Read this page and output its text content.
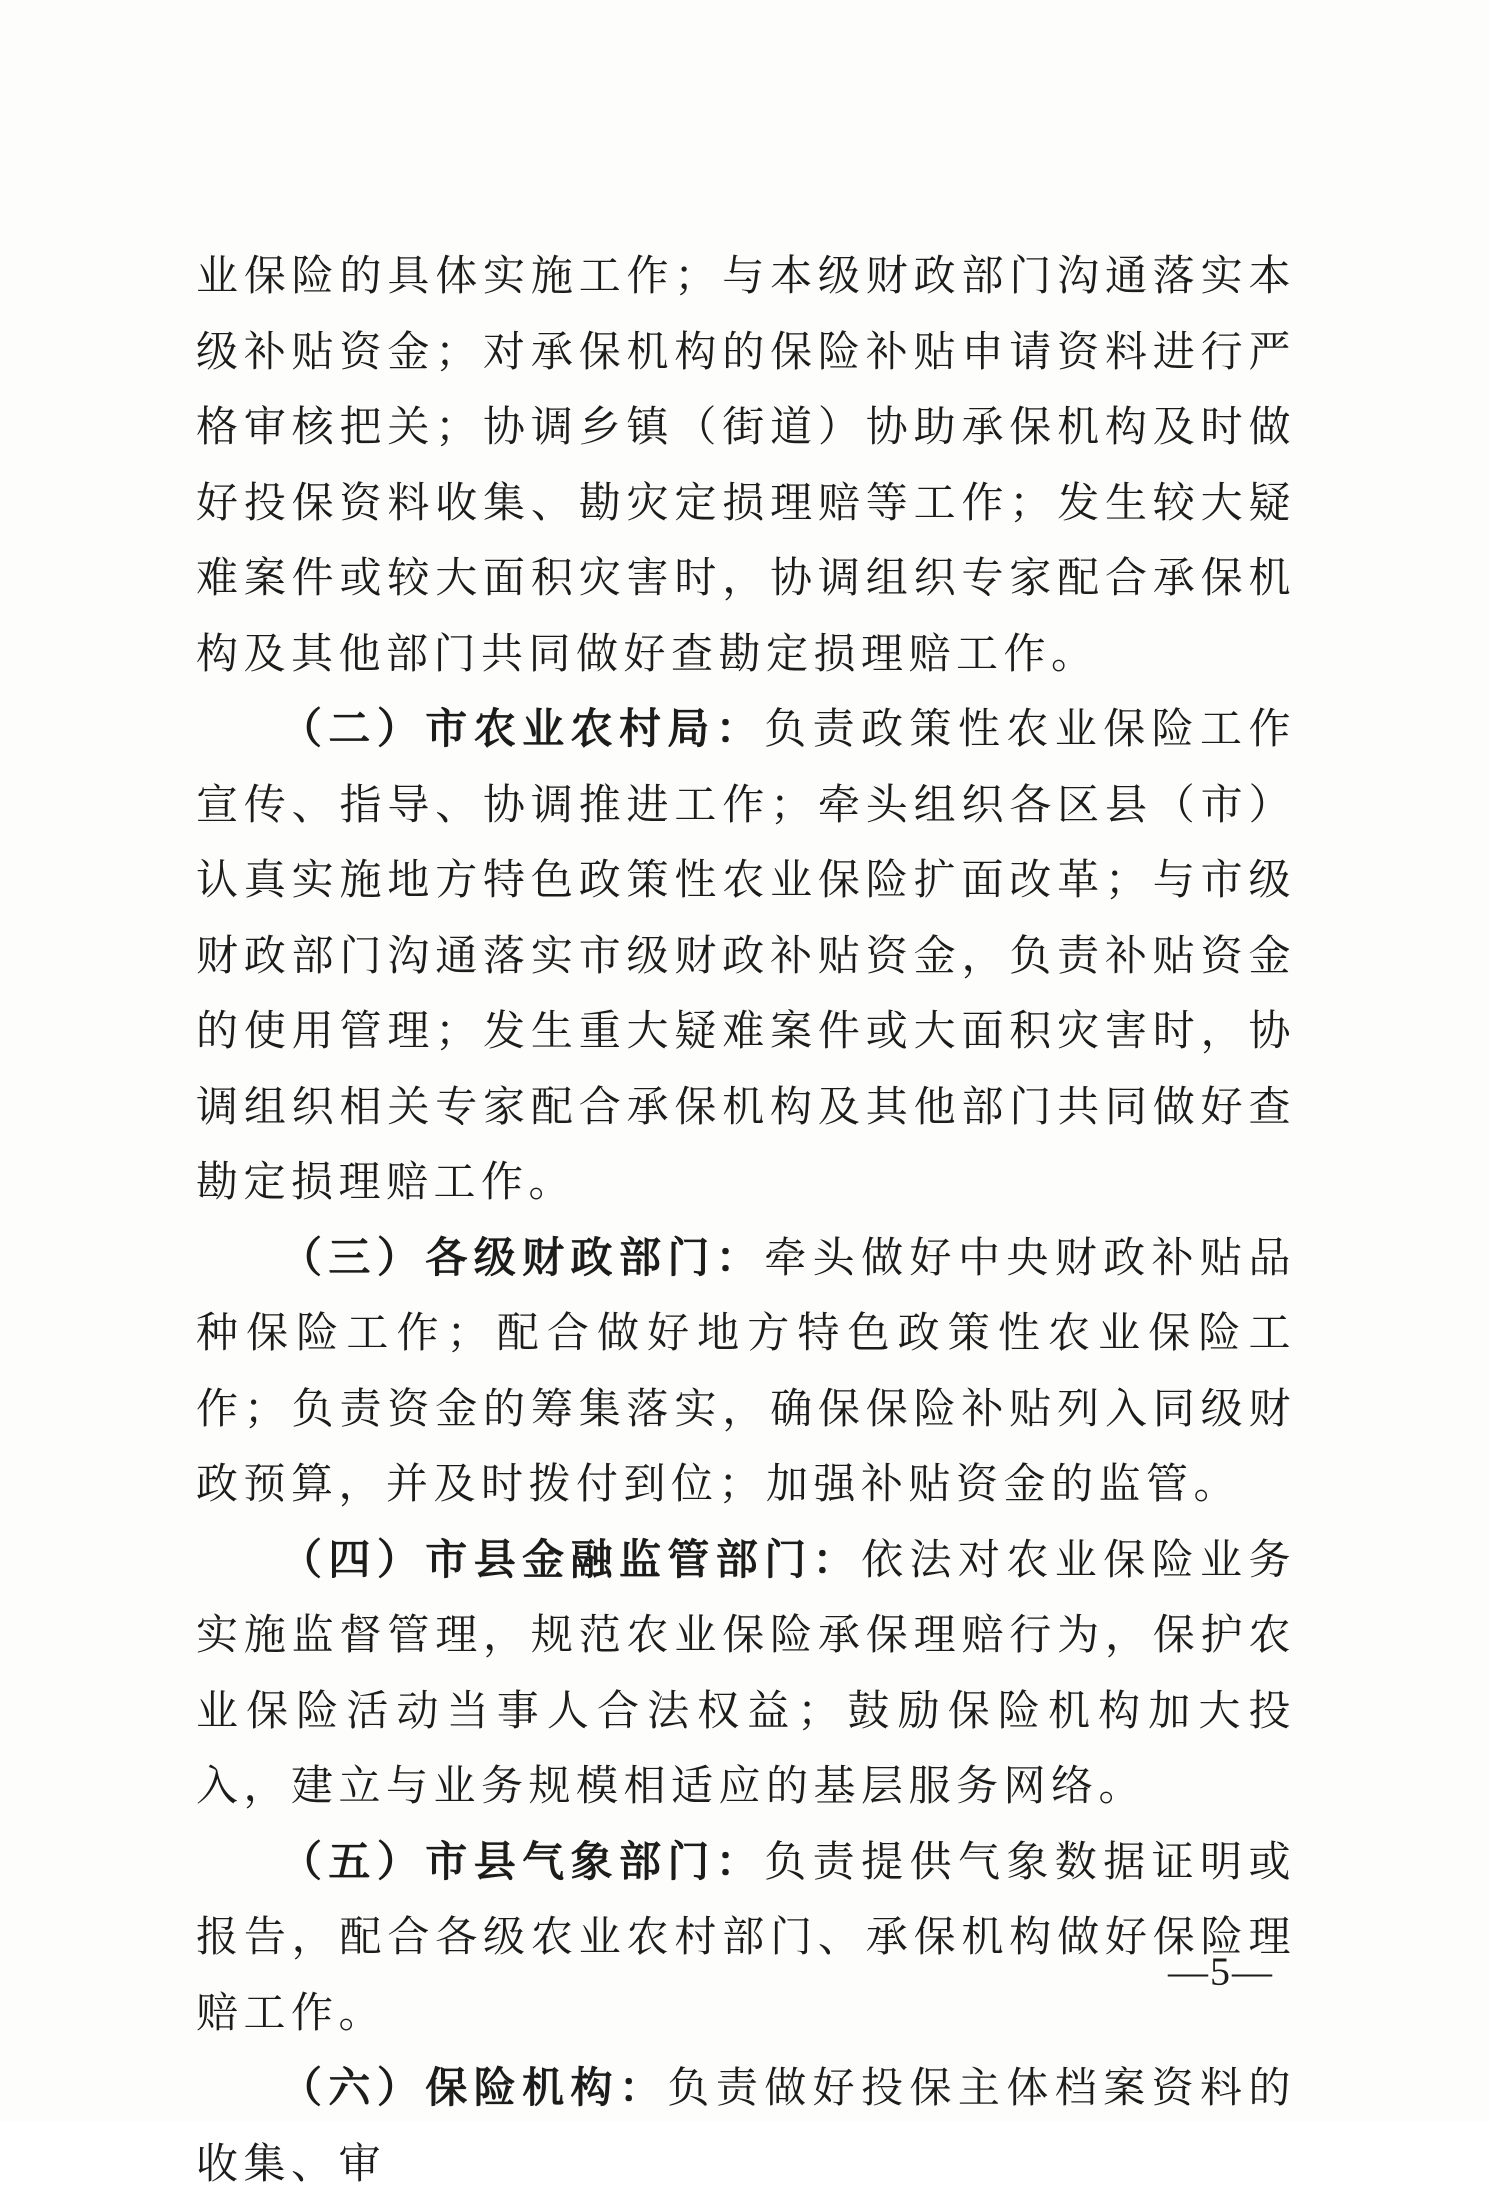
业保险的具体实施工作；与本级财政部门沟通落实本级补贴资金；对承保机构的保险补贴申请资料进行严格审核把关；协调乡镇（街道）协助承保机构及时做好投保资料收集、勘灾定损理赔等工作；发生较大疑难案件或较大面积灾害时，协调组织专家配合承保机构及其他部门共同做好查勘定损理赔工作。

（二）市农业农村局：负责政策性农业保险工作宣传、指导、协调推进工作；牵头组织各区县（市）认真实施地方特色政策性农业保险扩面改革；与市级财政部门沟通落实市级财政补贴资金，负责补贴资金的使用管理；发生重大疑难案件或大面积灾害时，协调组织相关专家配合承保机构及其他部门共同做好查勘定损理赔工作。

（三）各级财政部门：牵头做好中央财政补贴品种保险工作；配合做好地方特色政策性农业保险工作；负责资金的筹集落实，确保保险补贴列入同级财政预算，并及时拨付到位；加强补贴资金的监管。

（四）市县金融监管部门：依法对农业保险业务实施监督管理，规范农业保险承保理赔行为，保护农业保险活动当事人合法权益；鼓励保险机构加大投入，建立与业务规模相适应的基层服务网络。

（五）市县气象部门：负责提供气象数据证明或报告，配合各级农业农村部门、承保机构做好保险理赔工作。

（六）保险机构：负责做好投保主体档案资料的收集、审

—5—
